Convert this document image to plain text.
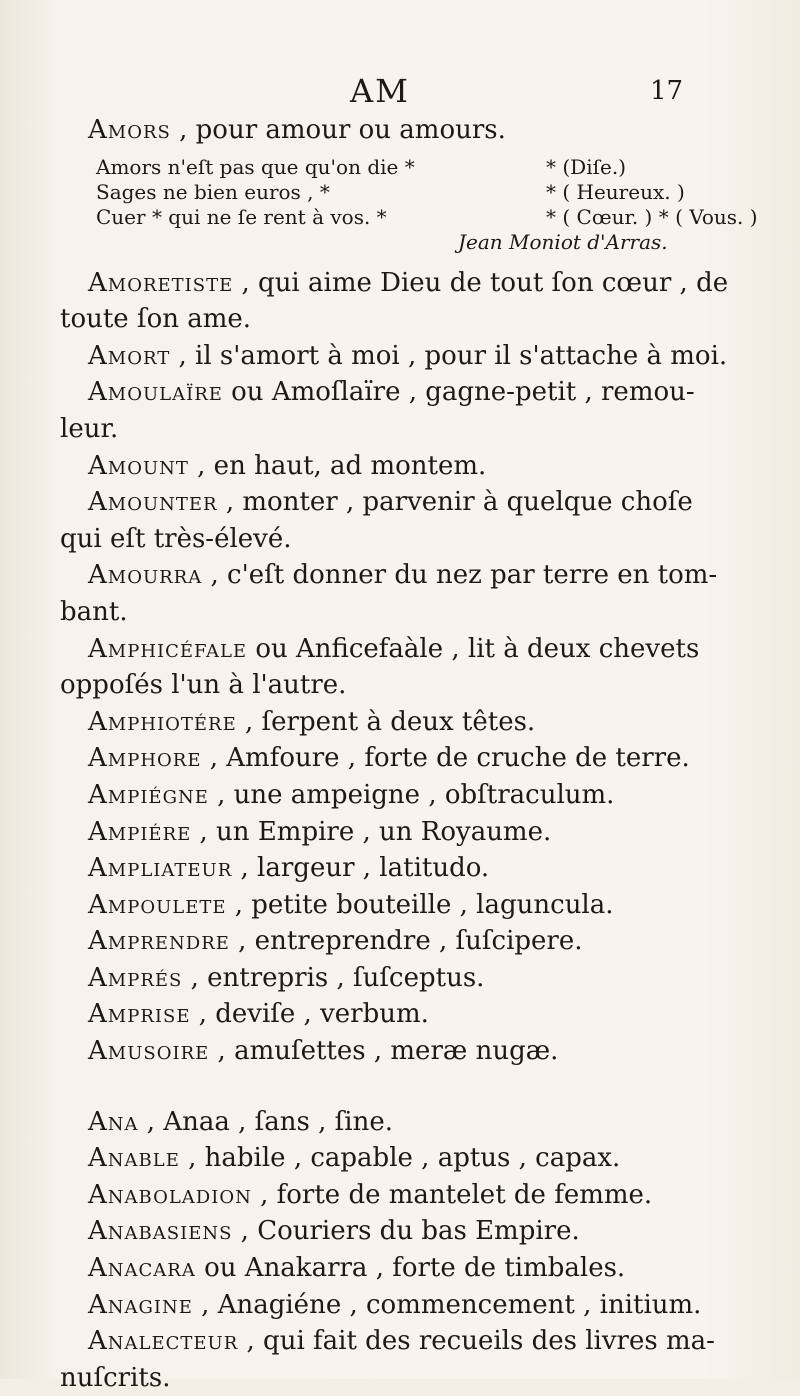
AM	17
Amors , pour amour ou amours.
Amors n'eſt pas que qu'on die *	* (Diſe.)
Sages ne bien euros , *	* ( Heureux. )
Cuer * qui ne ſe rent à vos. *	* ( Cœur. ) * ( Vous. )
Jean Moniot d'Arras.
Amoretiste , qui aime Dieu de tout ſon cœur , de
toute ſon ame.
Amort , il s'amort à moi , pour il s'attache à moi.
Amoulaïre ou Amoſlaïre , gagne-petit , remou-
leur.
Amount , en haut, ad montem.
Amounter , monter , parvenir à quelque choſe
qui eſt très-élevé.
Amourra , c'eſt donner du nez par terre en tom-
bant.
Amphicéfale ou Anficefaàle , lit à deux chevets
oppoſés l'un à l'autre.
Amphiotére , ſerpent à deux têtes.
Amphore , Amfoure , forte de cruche de terre.
Ampiégne , une ampeigne , obſtraculum.
Ampiére , un Empire , un Royaume.
Ampliateur , largeur , latitudo.
Ampoulete , petite bouteille , lagunculа.
Amprendre , entreprendre , ſuſcipere.
Amprés , entrepris , ſuſceptus.
Amprise , deviſe , verbum.
Amusoire , amuſettes , meræ nugæ.
Ana , Anaa , ſans , ſine.
Anable , habile , capable , aptus , capax.
Anaboladion , forte de mantelet de femme.
Anabasiens , Couriers du bas Empire.
Anacara ou Anakarra , forte de timbales.
Anagine , Anagiéne , commencement , initium.
Analecteur , qui fait des recueils des livres ma-
nuſcrits.
